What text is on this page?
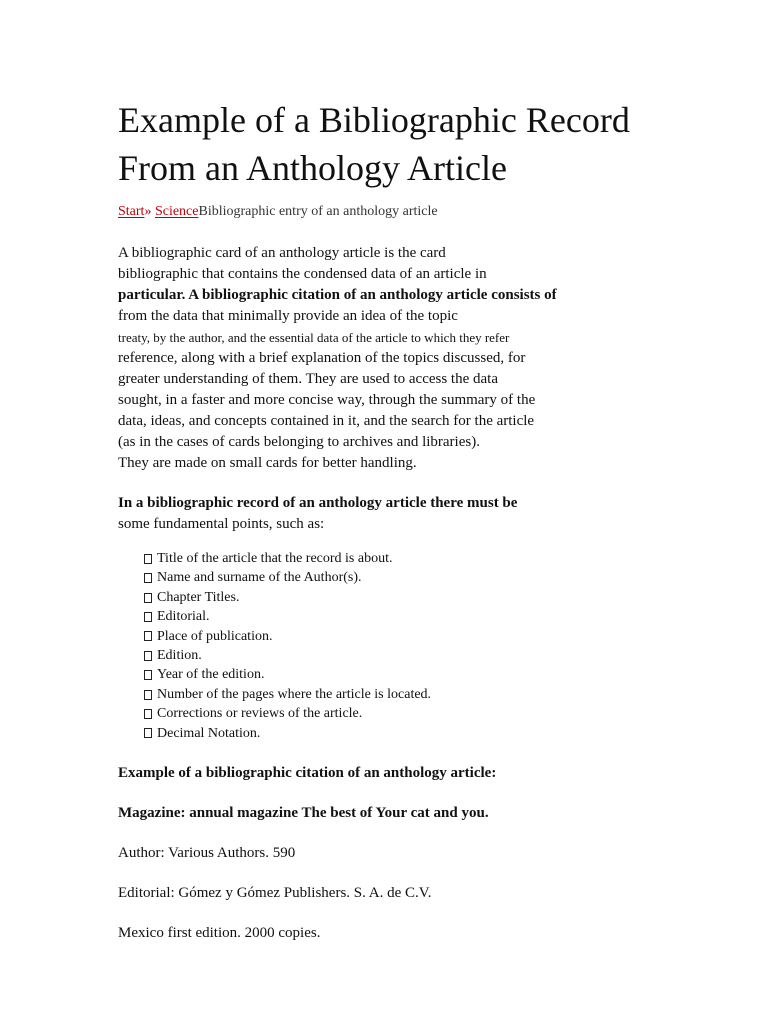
Example of a Bibliographic Record
From an Anthology Article
Start» ScienceBibliographic entry of an anthology article
A bibliographic card of an anthology article is the card
bibliographic that contains the condensed data of an article in
particular. A bibliographic citation of an anthology article consists of
from the data that minimally provide an idea of the topic
treaty, by the author, and the essential data of the article to which they refer
reference, along with a brief explanation of the topics discussed, for
greater understanding of them. They are used to access the data
sought, in a faster and more concise way, through the summary of the
data, ideas, and concepts contained in it, and the search for the article
(as in the cases of cards belonging to archives and libraries).
They are made on small cards for better handling.
In a bibliographic record of an anthology article there must be
some fundamental points, such as:
Title of the article that the record is about.
Name and surname of the Author(s).
Chapter Titles.
Editorial.
Place of publication.
Edition.
Year of the edition.
Number of the pages where the article is located.
Corrections or reviews of the article.
Decimal Notation.

Example of a bibliographic citation of an anthology article:

Magazine: annual magazine The best of Your cat and you.

Author: Various Authors. 590

Editorial: Gómez y Gómez Publishers. S. A. de C.V.

Mexico first edition. 2000 copies.
